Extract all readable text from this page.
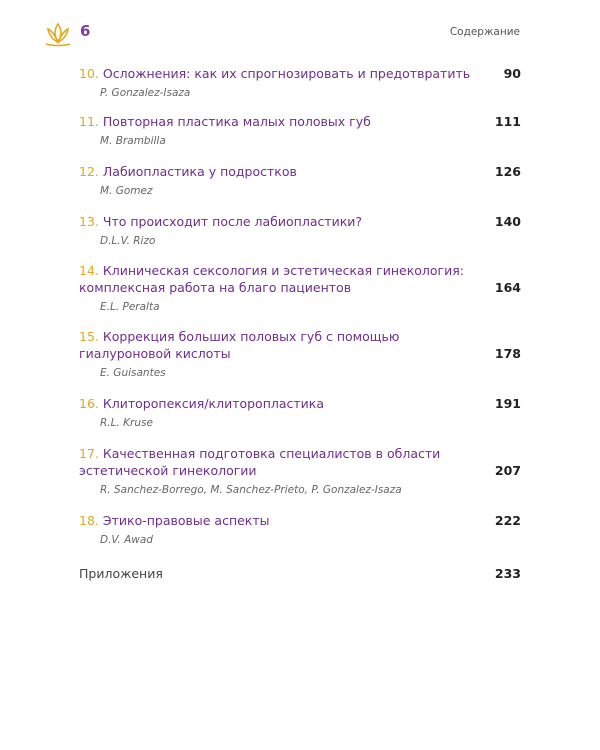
6	Содержание
10. Осложнения: как их спрогнозировать и предотвратить	90
P. Gonzalez-Isaza
11. Повторная пластика малых половых губ	111
M. Brambilla
12. Лабиопластика у подростков	126
M. Gomez
13. Что происходит после лабиопластики?	140
D.L.V. Rizo
14. Клиническая сексология и эстетическая гинекология: комплексная работа на благо пациентов	164
E.L. Peralta
15. Коррекция больших половых губ с помощью гиалуроновой кислоты	178
E. Guisantes
16. Клиторопексия/клиторопластика	191
R.L. Kruse
17. Качественная подготовка специалистов в области эстетической гинекологии	207
R. Sanchez-Borrego, M. Sanchez-Prieto, P. Gonzalez-Isaza
18. Этико-правовые аспекты	222
D.V. Awad
Приложения	233
